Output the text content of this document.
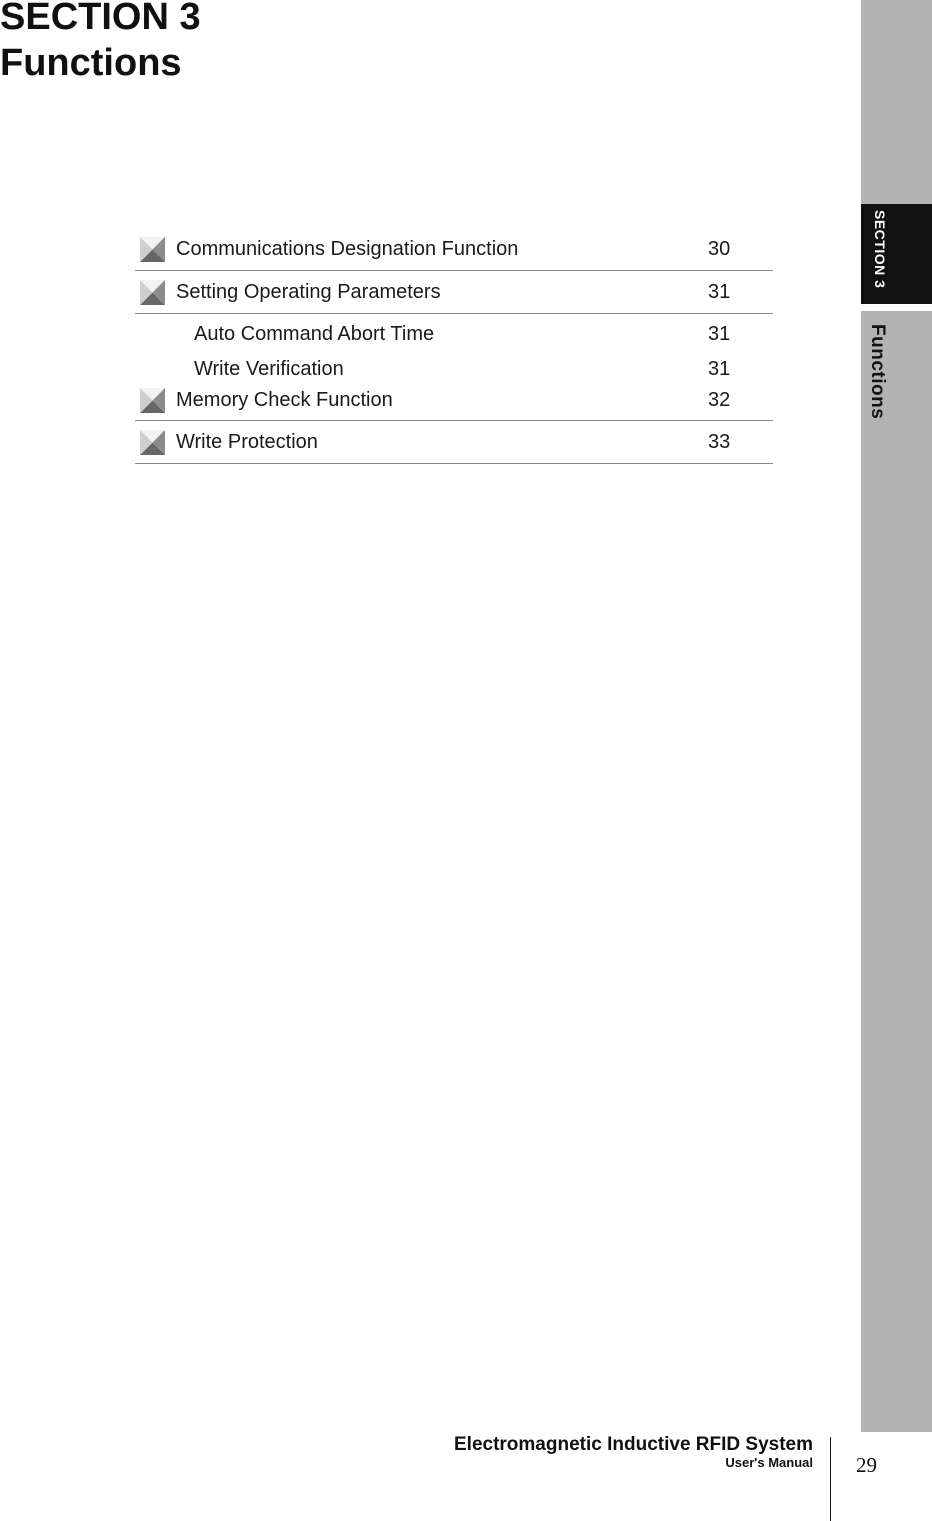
SECTION 3
Functions
Communications Designation Function	30
Setting Operating Parameters	31
Auto Command Abort Time	31
Write Verification	31
Memory Check Function	32
Write Protection	33
SECTION 3
Functions
Electromagnetic Inductive RFID System
User's Manual 29
